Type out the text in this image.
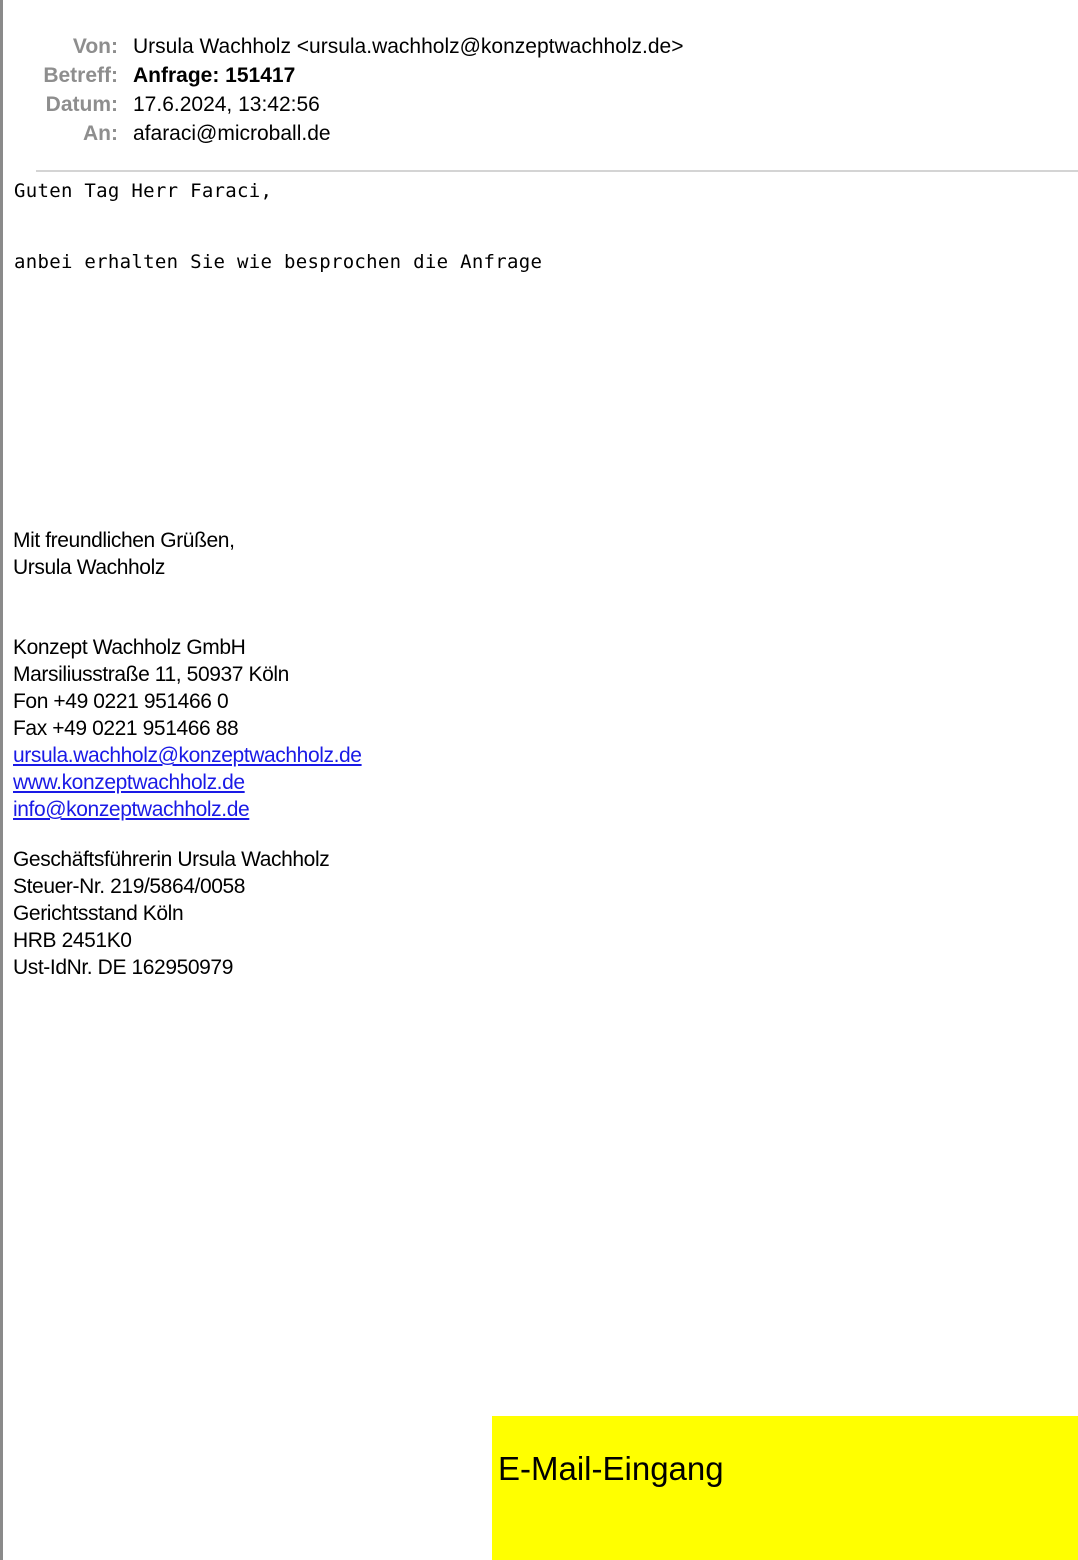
Von: Ursula Wachholz <ursula.wachholz@konzeptwachholz.de>
Betreff: Anfrage: 151417
Datum: 17.6.2024, 13:42:56
An: afaraci@microball.de
Guten Tag Herr Faraci,
anbei erhalten Sie wie besprochen die Anfrage
Mit freundlichen Grüßen,
Ursula Wachholz
Konzept Wachholz GmbH
Marsiliusstraße 11, 50937 Köln
Fon +49 0221 951466 0
Fax +49 0221 951466 88
ursula.wachholz@konzeptwachholz.de
www.konzeptwachholz.de
info@konzeptwachholz.de
Geschäftsführerin Ursula Wachholz
Steuer-Nr. 219/5864/0058
Gerichtsstand Köln
HRB 2451K0
Ust-IdNr. DE 162950979
E-Mail-Eingang
